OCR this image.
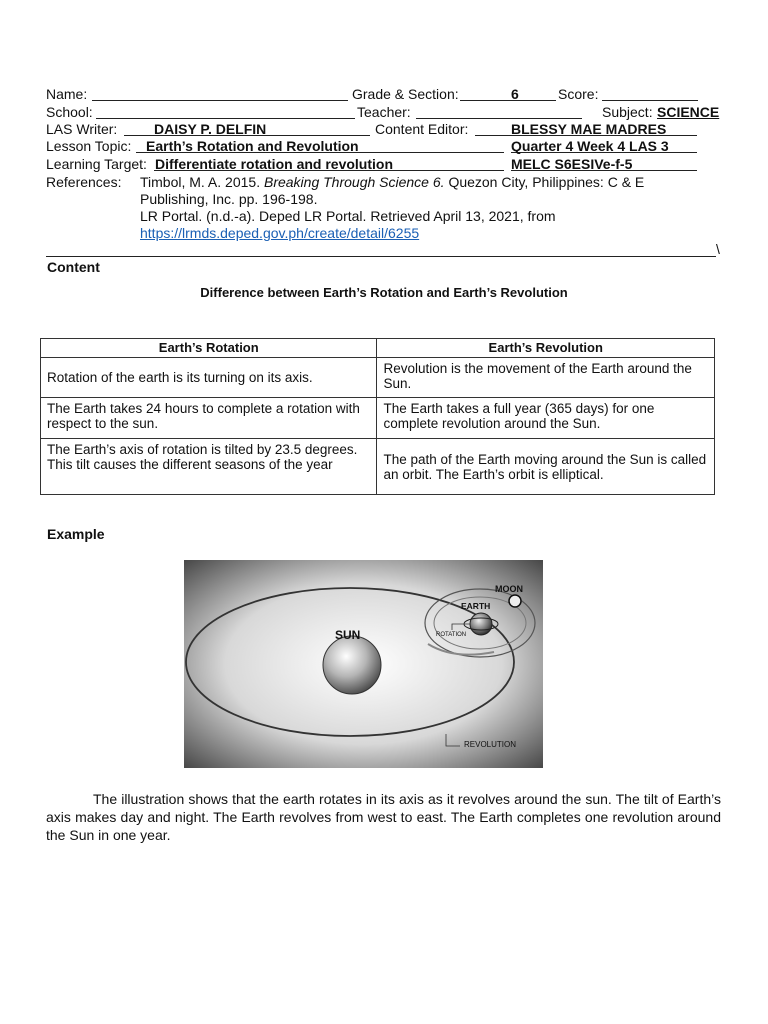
Name:	Grade & Section:	6	Score:
School:	Teacher:	Subject: SCIENCE
LAS Writer:	DAISY P. DELFIN	Content Editor:	BLESSY MAE MADRES
Lesson Topic: Earth’s Rotation and Revolution	Quarter 4 Week 4 LAS 3
Learning Target: Differentiate rotation and revolution	MELC S6ESIVe-f-5
References: Timbol, M. A. 2015. Breaking Through Science 6. Quezon City, Philippines: C & E
Publishing, Inc. pp. 196-198.
LR Portal. (n.d.-a). Deped LR Portal. Retrieved April 13, 2021, from
https://lrmds.deped.gov.ph/create/detail/6255
\
Content
Difference between Earth’s Rotation and Earth’s Revolution
Earth’s Rotation	Earth’s Revolution
Rotation of the earth is its turning on its axis.	Revolution is the movement of the Earth around the Sun.
The Earth takes 24 hours to complete a rotation with respect to the sun.	The Earth takes a full year (365 days) for one complete revolution around the Sun.
The Earth’s axis of rotation is tilted by 23.5 degrees. This tilt causes the different seasons of the year	The path of the Earth moving around the Sun is called an orbit. The Earth’s orbit is elliptical.
Example
SUN
EARTH
MOON
ROTATION
REVOLUTION

The illustration shows that the earth rotates in its axis as it revolves around the sun. The tilt of Earth’s axis makes day and night. The Earth revolves from west to east. The Earth completes one revolution around the Sun in one year.
